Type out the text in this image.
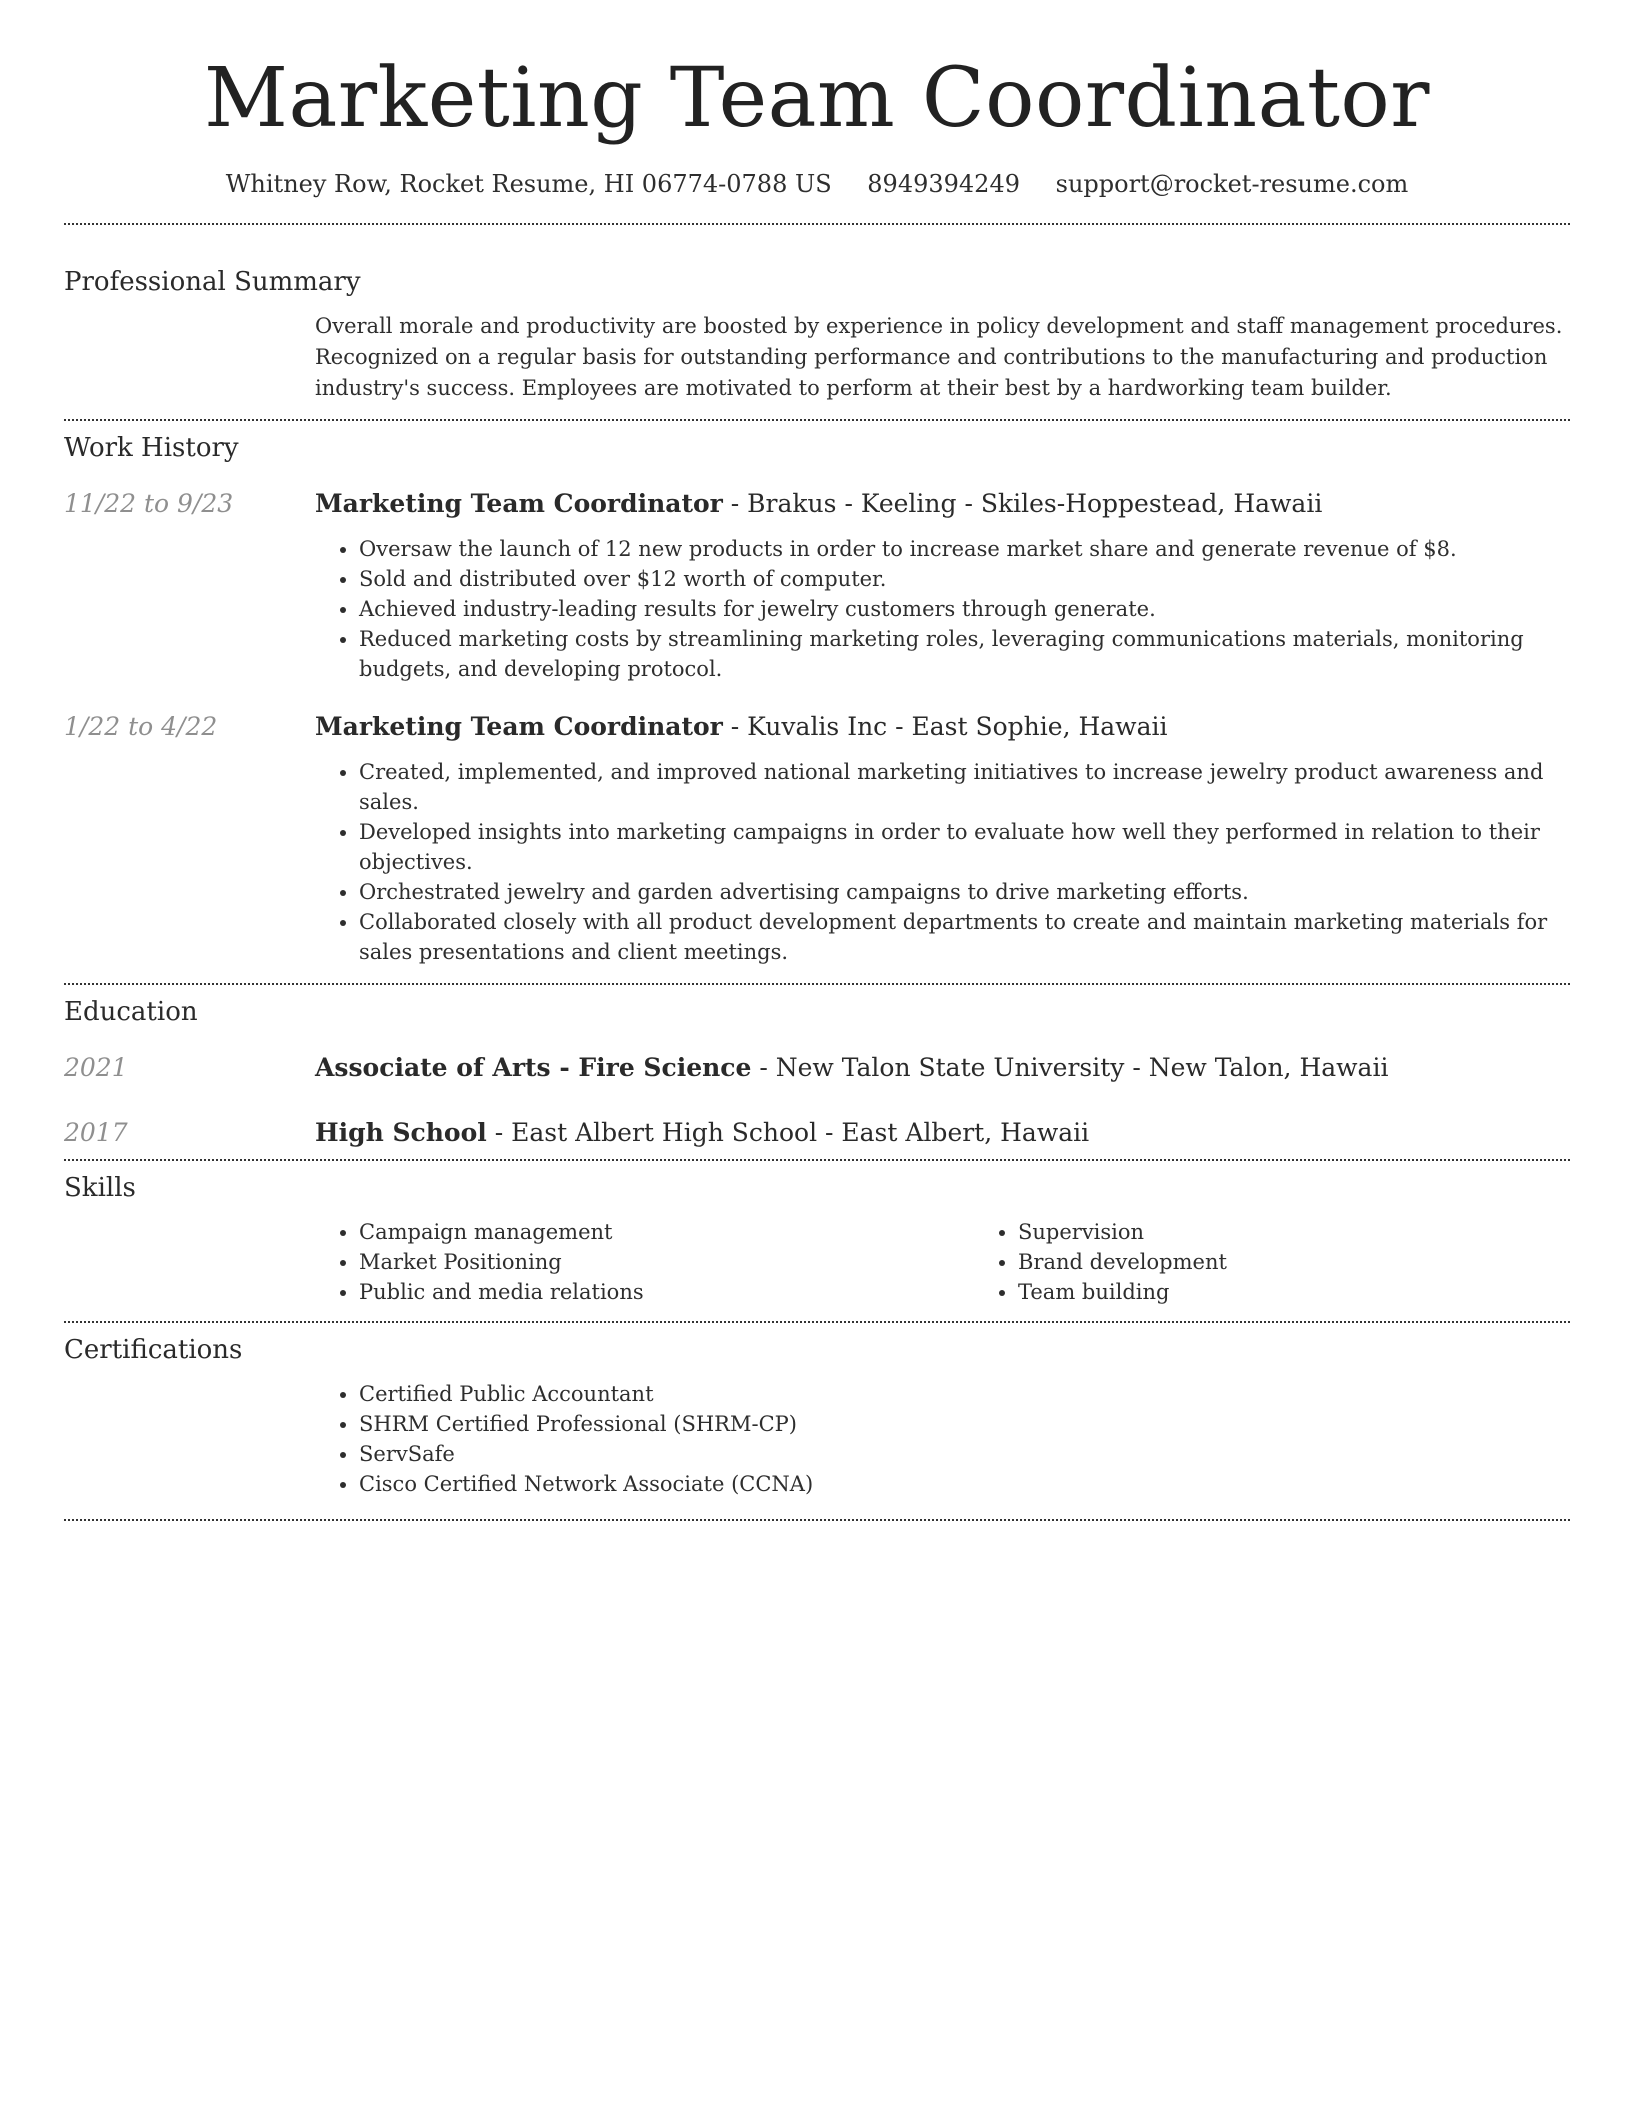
Marketing Team Coordinator
Whitney Row, Rocket Resume, HI 06774-0788 US 8949394249 support@rocket-resume.com
Professional Summary
Overall morale and productivity are boosted by experience in policy development and staff management procedures. Recognized on a regular basis for outstanding performance and contributions to the manufacturing and production industry's success. Employees are motivated to perform at their best by a hardworking team builder.
Work History
11/22 to 9/23	Marketing Team Coordinator - Brakus - Keeling - Skiles-Hoppestead, Hawaii
• Oversaw the launch of 12 new products in order to increase market share and generate revenue of $8.
• Sold and distributed over $12 worth of computer.
• Achieved industry-leading results for jewelry customers through generate.
• Reduced marketing costs by streamlining marketing roles, leveraging communications materials, monitoring budgets, and developing protocol.
1/22 to 4/22	Marketing Team Coordinator - Kuvalis Inc - East Sophie, Hawaii
• Created, implemented, and improved national marketing initiatives to increase jewelry product awareness and sales.
• Developed insights into marketing campaigns in order to evaluate how well they performed in relation to their objectives.
• Orchestrated jewelry and garden advertising campaigns to drive marketing efforts.
• Collaborated closely with all product development departments to create and maintain marketing materials for sales presentations and client meetings.
Education
2021	Associate of Arts - Fire Science - New Talon State University - New Talon, Hawaii
2017	High School - East Albert High School - East Albert, Hawaii
Skills
• Campaign management
• Market Positioning
• Public and media relations
• Supervision
• Brand development
• Team building
Certifications
• Certified Public Accountant
• SHRM Certified Professional (SHRM-CP)
• ServSafe
• Cisco Certified Network Associate (CCNA)
